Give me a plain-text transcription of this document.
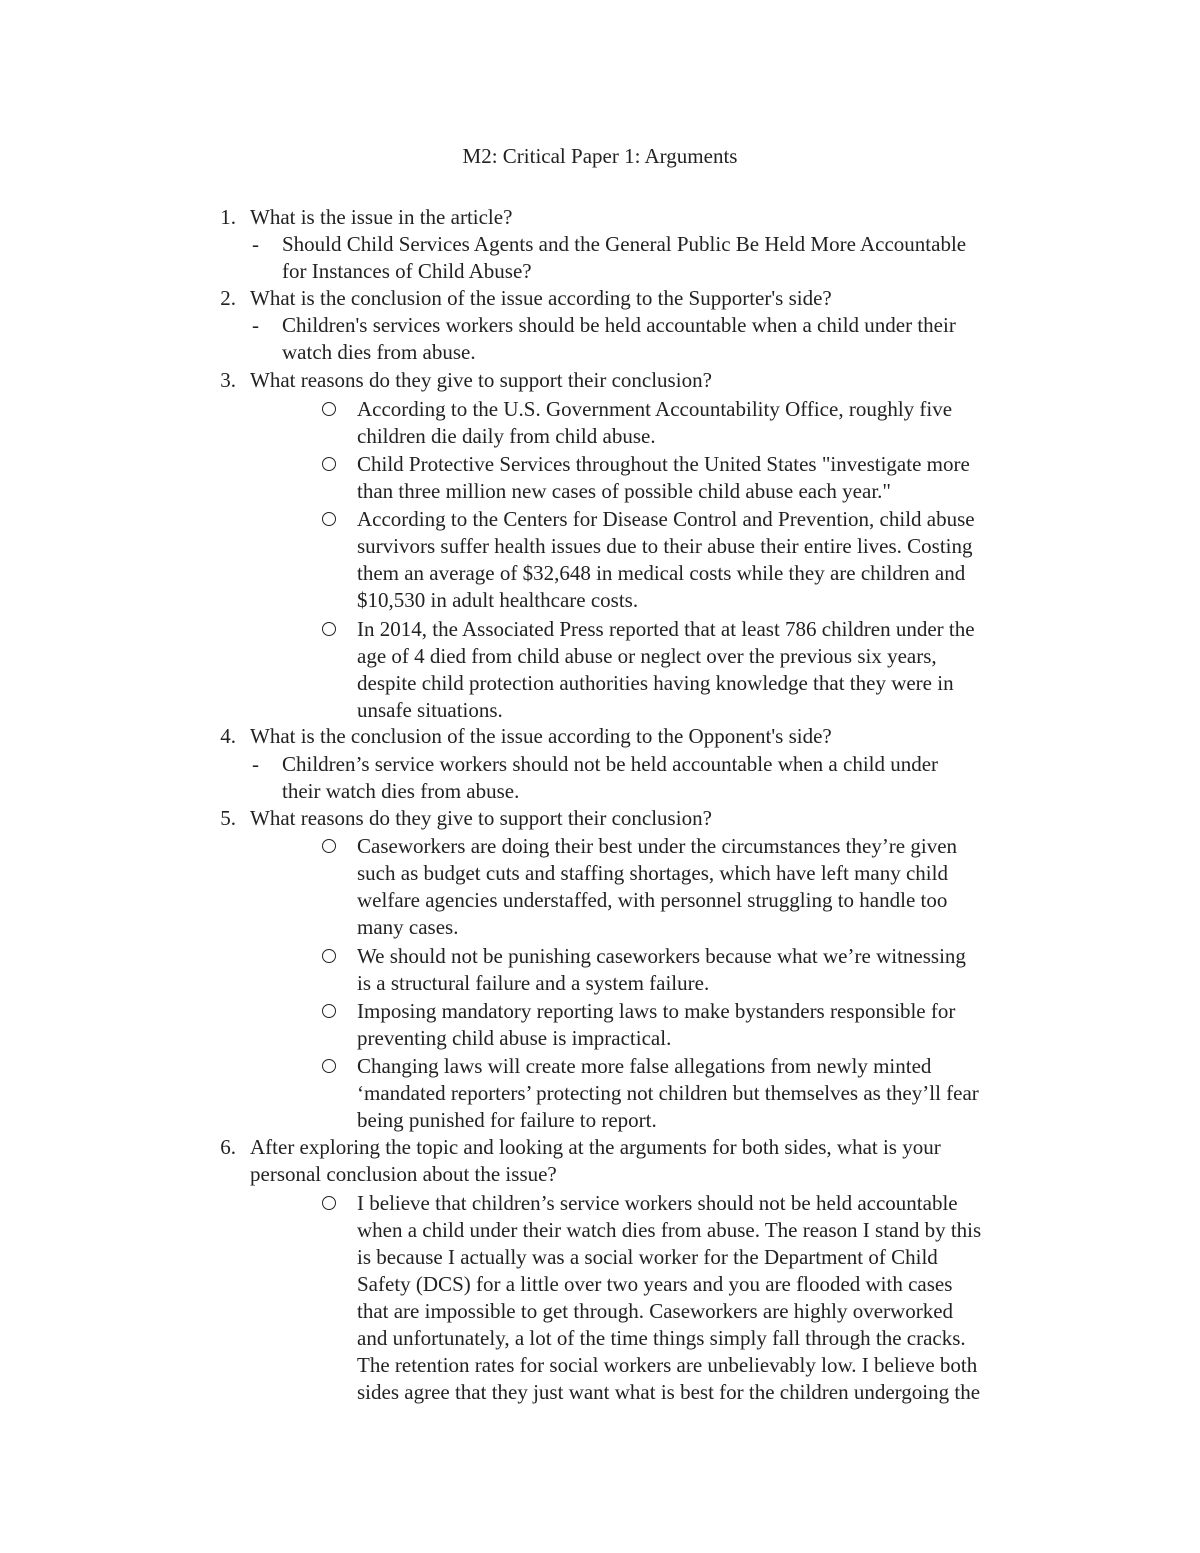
M2: Critical Paper 1: Arguments
1. What is the issue in the article?
- Should Child Services Agents and the General Public Be Held More Accountable
for Instances of Child Abuse?
2. What is the conclusion of the issue according to the Supporter's side?
- Children's services workers should be held accountable when a child under their
watch dies from abuse.
3. What reasons do they give to support their conclusion?
According to the U.S. Government Accountability Office, roughly five
children die daily from child abuse.
Child Protective Services throughout the United States "investigate more
than three million new cases of possible child abuse each year."
According to the Centers for Disease Control and Prevention, child abuse
survivors suffer health issues due to their abuse their entire lives. Costing
them an average of $32,648 in medical costs while they are children and
$10,530 in adult healthcare costs.
In 2014, the Associated Press reported that at least 786 children under the
age of 4 died from child abuse or neglect over the previous six years,
despite child protection authorities having knowledge that they were in
unsafe situations.
4. What is the conclusion of the issue according to the Opponent's side?
- Children’s service workers should not be held accountable when a child under
their watch dies from abuse.
5. What reasons do they give to support their conclusion?
Caseworkers are doing their best under the circumstances they’re given
such as budget cuts and staffing shortages, which have left many child
welfare agencies understaffed, with personnel struggling to handle too
many cases.
We should not be punishing caseworkers because what we’re witnessing
is a structural failure and a system failure.
Imposing mandatory reporting laws to make bystanders responsible for
preventing child abuse is impractical.
Changing laws will create more false allegations from newly minted
‘mandated reporters’ protecting not children but themselves as they’ll fear
being punished for failure to report.
6. After exploring the topic and looking at the arguments for both sides, what is your
personal conclusion about the issue?
I believe that children’s service workers should not be held accountable
when a child under their watch dies from abuse. The reason I stand by this
is because I actually was a social worker for the Department of Child
Safety (DCS) for a little over two years and you are flooded with cases
that are impossible to get through. Caseworkers are highly overworked
and unfortunately, a lot of the time things simply fall through the cracks.
The retention rates for social workers are unbelievably low. I believe both
sides agree that they just want what is best for the children undergoing the
